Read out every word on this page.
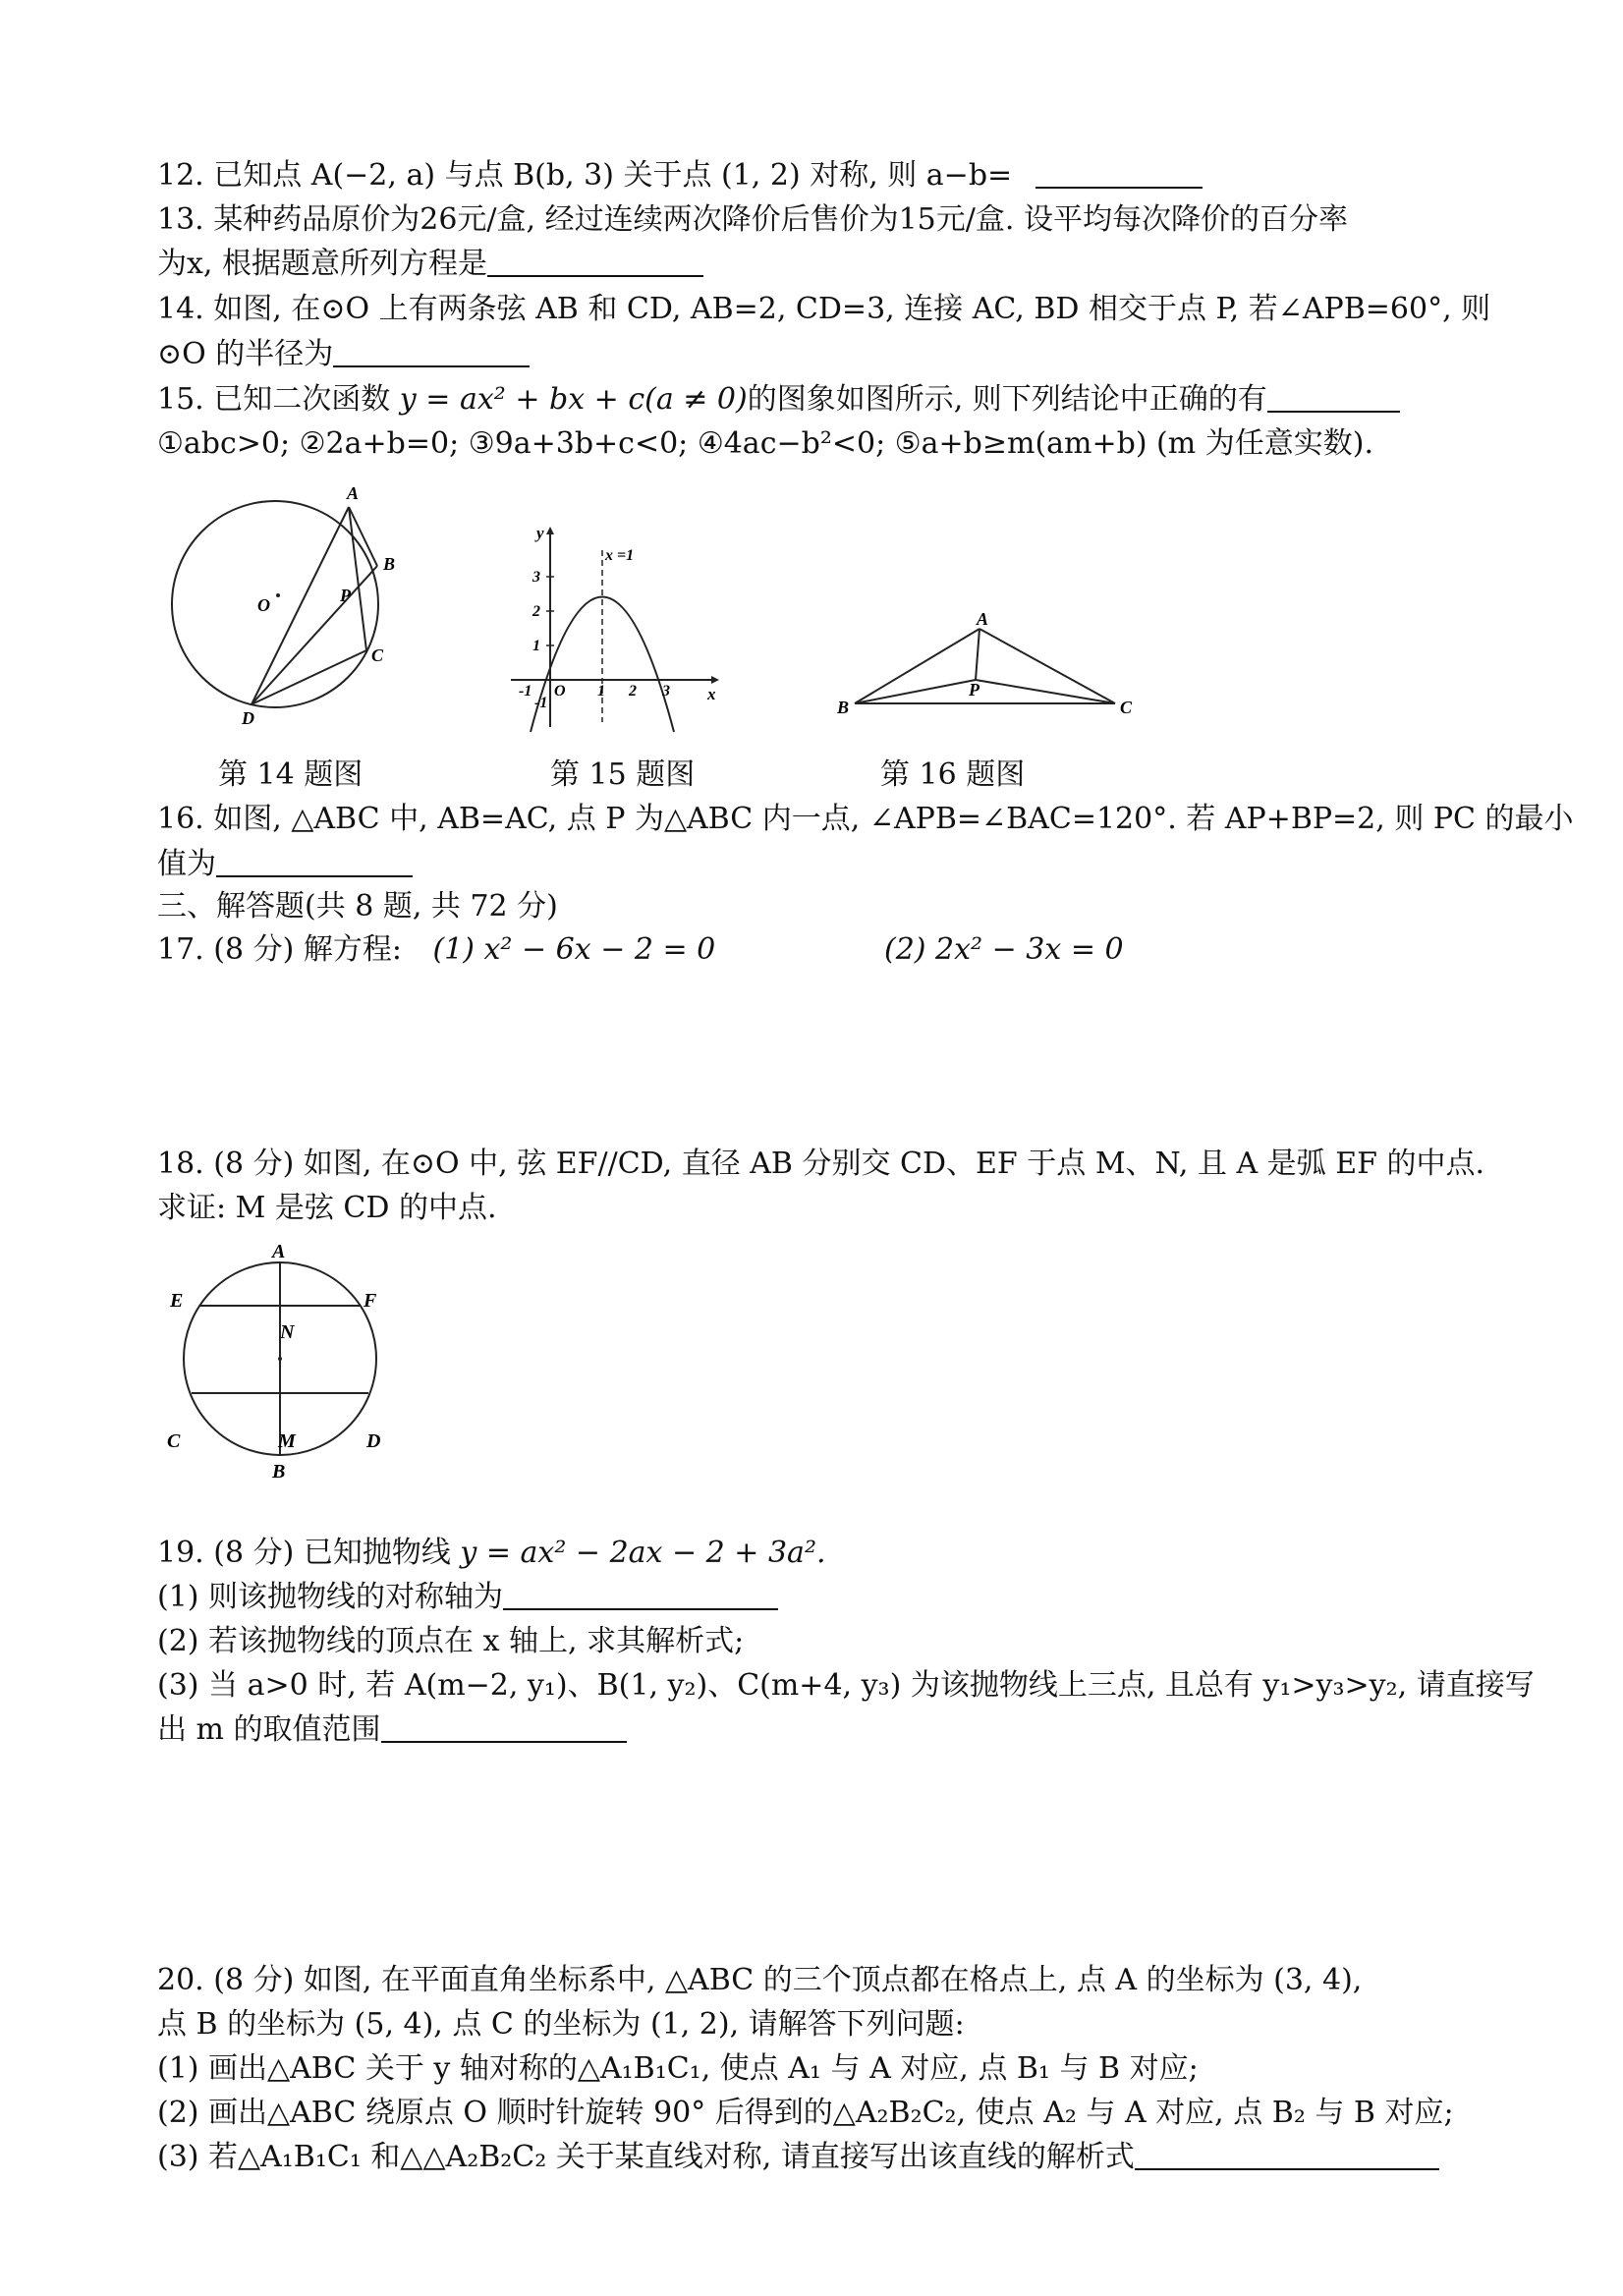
12. 已知点 A(−2, a) 与点 B(b, 3) 关于点 (1, 2) 对称, 则 a−b=
13. 某种药品原价为26元/盒, 经过连续两次降价后售价为15元/盒. 设平均每次降价的百分率
为x, 根据题意所列方程是
14. 如图, 在⊙O 上有两条弦 AB 和 CD, AB=2, CD=3, 连接 AC, BD 相交于点 P, 若∠APB=60°, 则
⊙O 的半径为
15. 已知二次函数 y = ax² + bx + c(a ≠ 0)的图象如图所示, 则下列结论中正确的有
①abc>0; ②2a+b=0; ③9a+3b+c<0; ④4ac−b²<0; ⑤a+b≥m(am+b) (m 为任意实数).
A
B
C
D
O	P
y
x
x =1
3
2
1
-1
O
-1	1 2 3
A
B	C
P
第 14 题图	第 15 题图	第 16 题图
16. 如图, △ABC 中, AB=AC, 点 P 为△ABC 内一点, ∠APB=∠BAC=120°. 若 AP+BP=2, 则 PC 的最小
值为
三、解答题(共 8 题, 共 72 分)
17. (8 分) 解方程: (1) x² − 6x − 2 = 0	(2) 2x² − 3x = 0
18. (8 分) 如图, 在⊙O 中, 弦 EF//CD, 直径 AB 分别交 CD、EF 于点 M、N, 且 A 是弧 EF 的中点.
求证: M 是弦 CD 的中点.
A
B
C	D
E	F
M
N
19. (8 分) 已知抛物线 y = ax² − 2ax − 2 + 3a².
(1) 则该抛物线的对称轴为
(2) 若该抛物线的顶点在 x 轴上, 求其解析式;
(3) 当 a>0 时, 若 A(m−2, y₁)、B(1, y₂)、C(m+4, y₃) 为该抛物线上三点, 且总有 y₁>y₃>y₂, 请直接写
出 m 的取值范围
20. (8 分) 如图, 在平面直角坐标系中, △ABC 的三个顶点都在格点上, 点 A 的坐标为 (3, 4),
点 B 的坐标为 (5, 4), 点 C 的坐标为 (1, 2), 请解答下列问题:
(1) 画出△ABC 关于 y 轴对称的△A₁B₁C₁, 使点 A₁ 与 A 对应, 点 B₁ 与 B 对应;
(2) 画出△ABC 绕原点 O 顺时针旋转 90° 后得到的△A₂B₂C₂, 使点 A₂ 与 A 对应, 点 B₂ 与 B 对应;
(3) 若△A₁B₁C₁ 和△△A₂B₂C₂ 关于某直线对称, 请直接写出该直线的解析式
